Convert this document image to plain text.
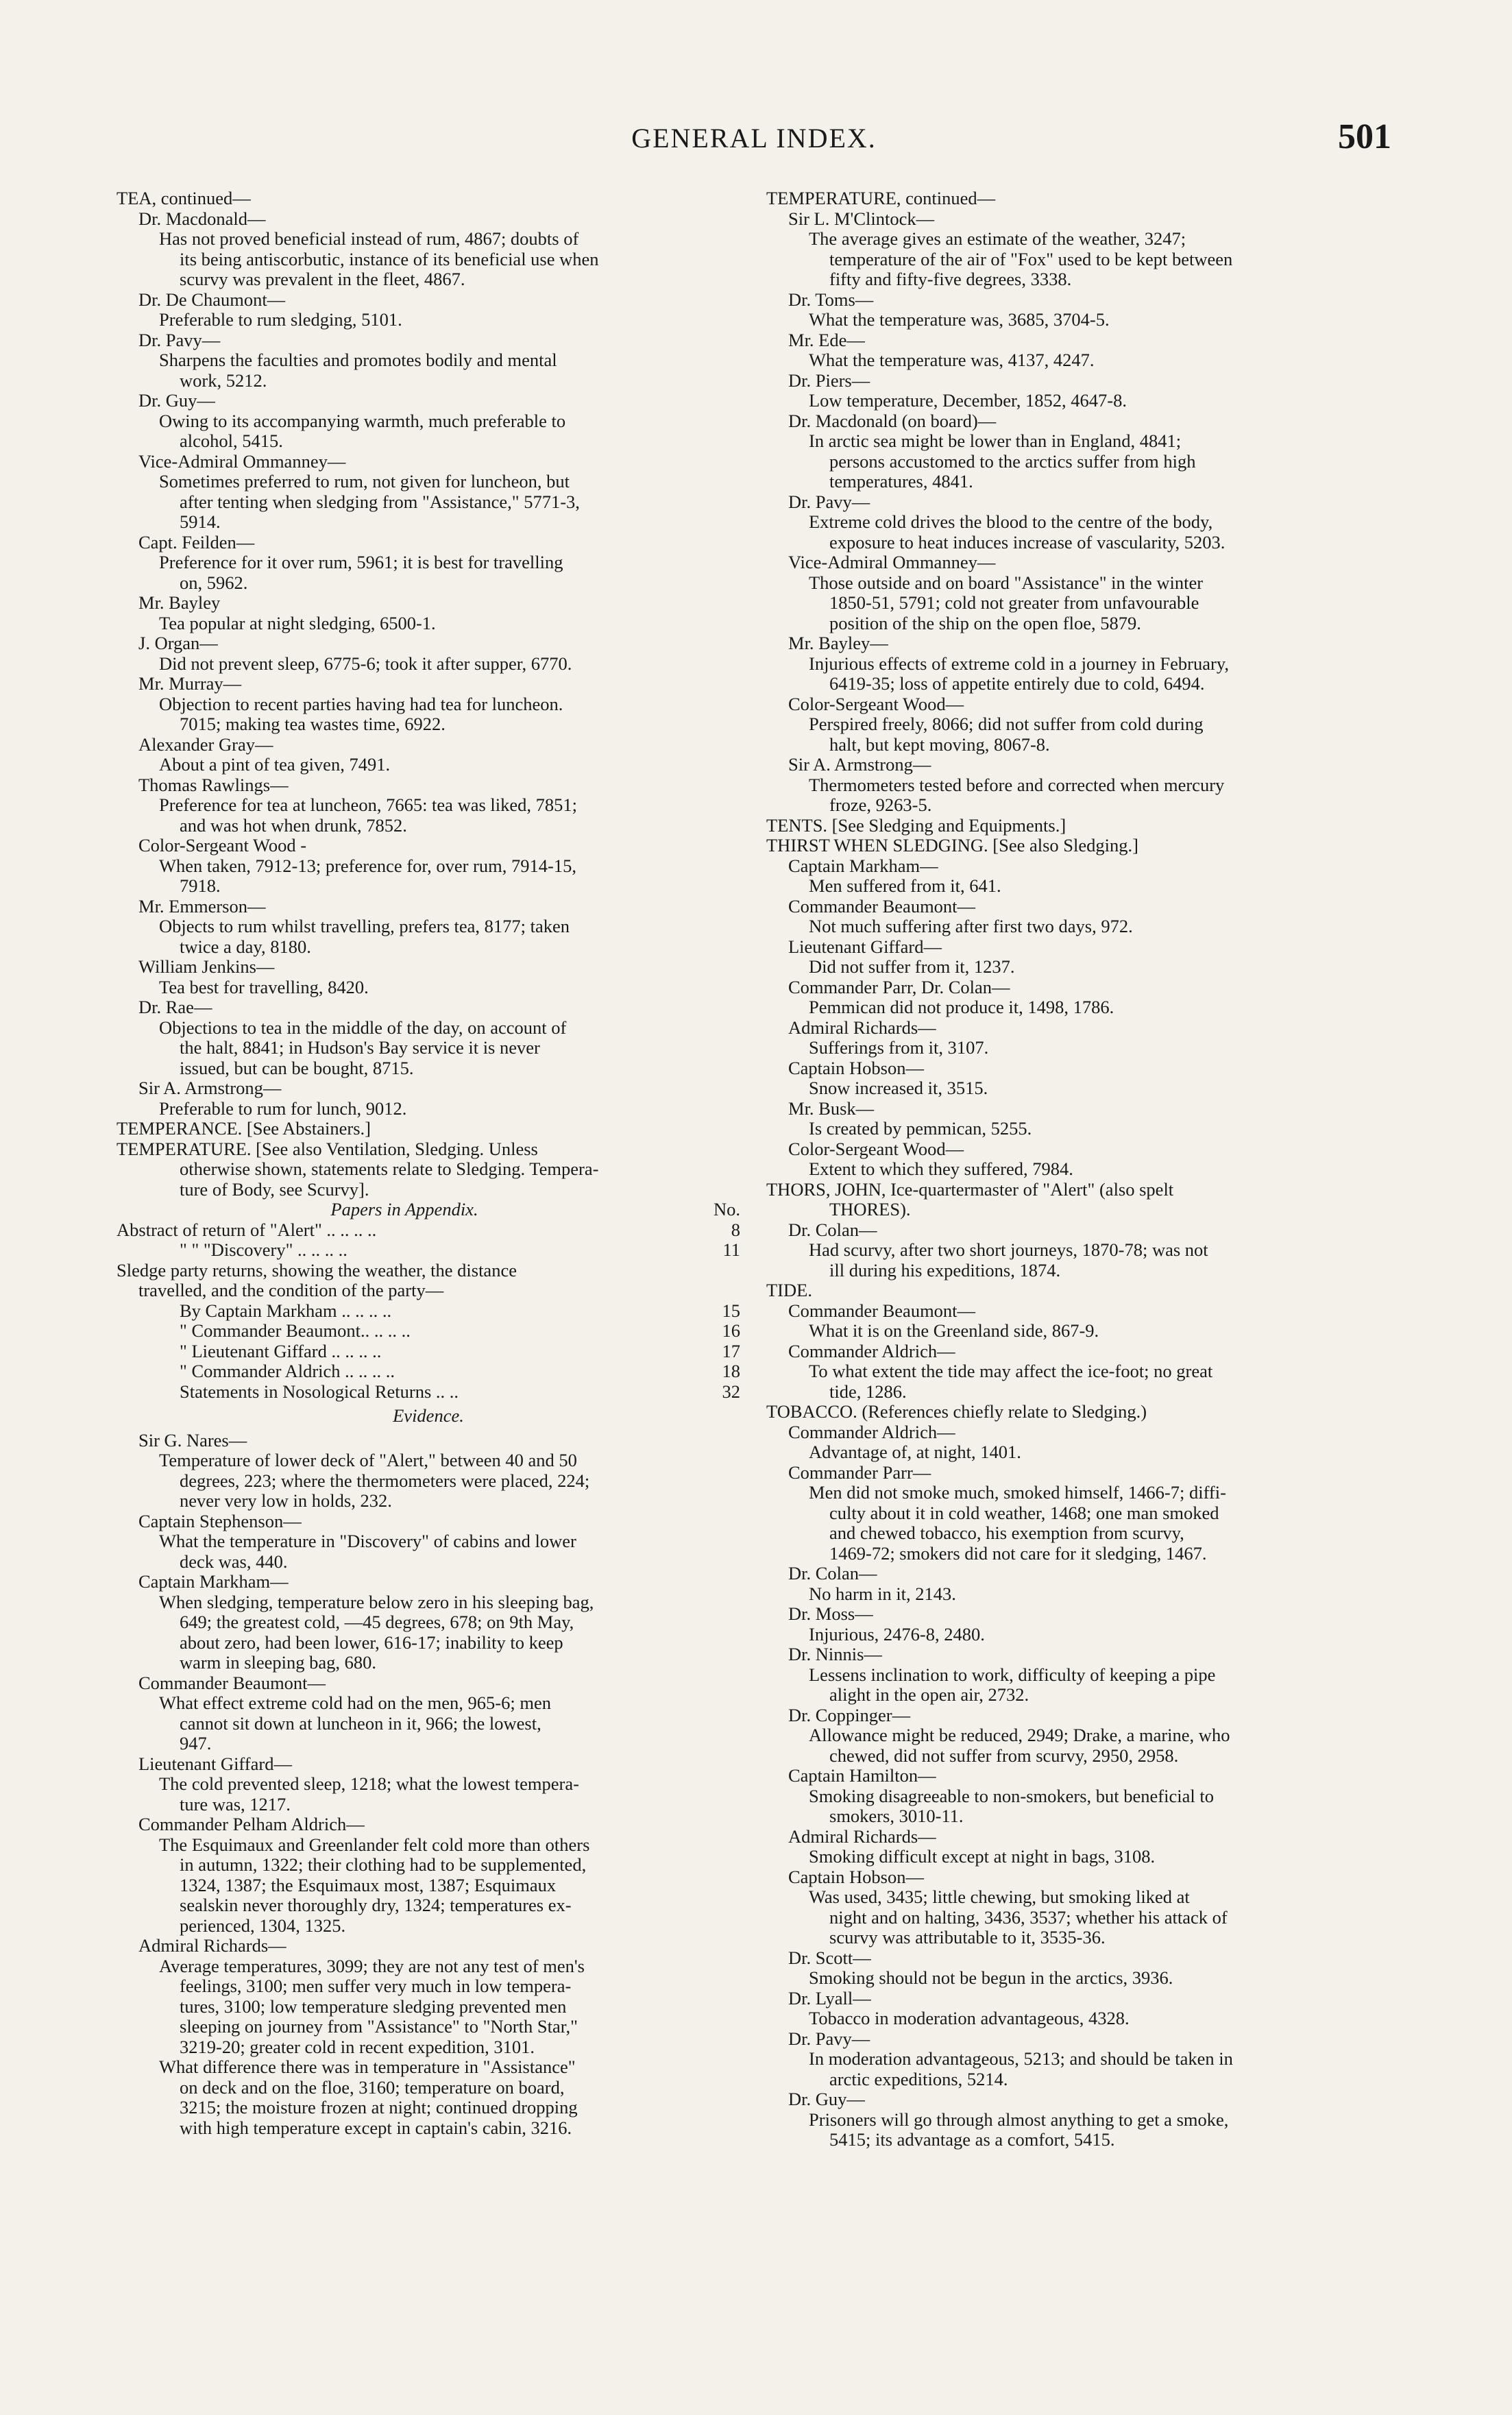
GENERAL INDEX.	501
TEA, continued—
Dr. Macdonald—
Has not proved beneficial instead of rum, 4867; doubts of
its being antiscorbutic, instance of its beneficial use when
scurvy was prevalent in the fleet, 4867.
Dr. De Chaumont—
Preferable to rum sledging, 5101.
Dr. Pavy—
Sharpens the faculties and promotes bodily and mental
work, 5212.
Dr. Guy—
Owing to its accompanying warmth, much preferable to
alcohol, 5415.
Vice-Admiral Ommanney—
Sometimes preferred to rum, not given for luncheon, but
after tenting when sledging from "Assistance," 5771-3,
5914.
Capt. Feilden—
Preference for it over rum, 5961; it is best for travelling
on, 5962.
Mr. Bayley
Tea popular at night sledging, 6500-1.
J. Organ—
Did not prevent sleep, 6775-6; took it after supper, 6770.
Mr. Murray—
Objection to recent parties having had tea for luncheon.
7015; making tea wastes time, 6922.
Alexander Gray—
About a pint of tea given, 7491.
Thomas Rawlings—
Preference for tea at luncheon, 7665: tea was liked, 7851;
and was hot when drunk, 7852.
Color-Sergeant Wood -
When taken, 7912-13; preference for, over rum, 7914-15,
7918.
Mr. Emmerson—
Objects to rum whilst travelling, prefers tea, 8177; taken
twice a day, 8180.
William Jenkins—
Tea best for travelling, 8420.
Dr. Rae—
Objections to tea in the middle of the day, on account of
the halt, 8841; in Hudson's Bay service it is never
issued, but can be bought, 8715.
Sir A. Armstrong—
Preferable to rum for lunch, 9012.
TEMPERANCE. [See Abstainers.]
TEMPERATURE. [See also Ventilation, Sledging. Unless
otherwise shown, statements relate to Sledging. Tempera-
ture of Body, see Scurvy].
Papers in Appendix.	No.
Abstract of return of "Alert" .. .. .. ..	8
" " "Discovery" .. .. .. ..	11
Sledge party returns, showing the weather, the distance
travelled, and the condition of the party—
By Captain Markham .. .. .. ..	15
" Commander Beaumont.. .. .. ..	16
" Lieutenant Giffard .. .. .. ..	17
" Commander Aldrich .. .. .. ..	18
Statements in Nosological Returns .. ..	32
Evidence.
Sir G. Nares—
Temperature of lower deck of "Alert," between 40 and 50
degrees, 223; where the thermometers were placed, 224;
never very low in holds, 232.
Captain Stephenson—
What the temperature in "Discovery" of cabins and lower
deck was, 440.
Captain Markham—
When sledging, temperature below zero in his sleeping bag,
649; the greatest cold, —45 degrees, 678; on 9th May,
about zero, had been lower, 616-17; inability to keep
warm in sleeping bag, 680.
Commander Beaumont—
What effect extreme cold had on the men, 965-6; men
cannot sit down at luncheon in it, 966; the lowest,
947.
Lieutenant Giffard—
The cold prevented sleep, 1218; what the lowest tempera-
ture was, 1217.
Commander Pelham Aldrich—
The Esquimaux and Greenlander felt cold more than others
in autumn, 1322; their clothing had to be supplemented,
1324, 1387; the Esquimaux most, 1387; Esquimaux
sealskin never thoroughly dry, 1324; temperatures ex-
perienced, 1304, 1325.
Admiral Richards—
Average temperatures, 3099; they are not any test of men's
feelings, 3100; men suffer very much in low tempera-
tures, 3100; low temperature sledging prevented men
sleeping on journey from "Assistance" to "North Star,"
3219-20; greater cold in recent expedition, 3101.
What difference there was in temperature in "Assistance"
on deck and on the floe, 3160; temperature on board,
3215; the moisture frozen at night; continued dropping
with high temperature except in captain's cabin, 3216.
TEMPERATURE, continued—
Sir L. M'Clintock—
The average gives an estimate of the weather, 3247;
temperature of the air of "Fox" used to be kept between
fifty and fifty-five degrees, 3338.
Dr. Toms—
What the temperature was, 3685, 3704-5.
Mr. Ede—
What the temperature was, 4137, 4247.
Dr. Piers—
Low temperature, December, 1852, 4647-8.
Dr. Macdonald (on board)—
In arctic sea might be lower than in England, 4841;
persons accustomed to the arctics suffer from high
temperatures, 4841.
Dr. Pavy—
Extreme cold drives the blood to the centre of the body,
exposure to heat induces increase of vascularity, 5203.
Vice-Admiral Ommanney—
Those outside and on board "Assistance" in the winter
1850-51, 5791; cold not greater from unfavourable
position of the ship on the open floe, 5879.
Mr. Bayley—
Injurious effects of extreme cold in a journey in February,
6419-35; loss of appetite entirely due to cold, 6494.
Color-Sergeant Wood—
Perspired freely, 8066; did not suffer from cold during
halt, but kept moving, 8067-8.
Sir A. Armstrong—
Thermometers tested before and corrected when mercury
froze, 9263-5.
TENTS. [See Sledging and Equipments.]
THIRST WHEN SLEDGING. [See also Sledging.]
Captain Markham—
Men suffered from it, 641.
Commander Beaumont—
Not much suffering after first two days, 972.
Lieutenant Giffard—
Did not suffer from it, 1237.
Commander Parr, Dr. Colan—
Pemmican did not produce it, 1498, 1786.
Admiral Richards—
Sufferings from it, 3107.
Captain Hobson—
Snow increased it, 3515.
Mr. Busk—
Is created by pemmican, 5255.
Color-Sergeant Wood—
Extent to which they suffered, 7984.
THORS, JOHN, Ice-quartermaster of "Alert" (also spelt
THORES).
Dr. Colan—
Had scurvy, after two short journeys, 1870-78; was not
ill during his expeditions, 1874.
TIDE.
Commander Beaumont—
What it is on the Greenland side, 867-9.
Commander Aldrich—
To what extent the tide may affect the ice-foot; no great
tide, 1286.
TOBACCO. (References chiefly relate to Sledging.)
Commander Aldrich—
Advantage of, at night, 1401.
Commander Parr—
Men did not smoke much, smoked himself, 1466-7; diffi-
culty about it in cold weather, 1468; one man smoked
and chewed tobacco, his exemption from scurvy,
1469-72; smokers did not care for it sledging, 1467.
Dr. Colan—
No harm in it, 2143.
Dr. Moss—
Injurious, 2476-8, 2480.
Dr. Ninnis—
Lessens inclination to work, difficulty of keeping a pipe
alight in the open air, 2732.
Dr. Coppinger—
Allowance might be reduced, 2949; Drake, a marine, who
chewed, did not suffer from scurvy, 2950, 2958.
Captain Hamilton—
Smoking disagreeable to non-smokers, but beneficial to
smokers, 3010-11.
Admiral Richards—
Smoking difficult except at night in bags, 3108.
Captain Hobson—
Was used, 3435; little chewing, but smoking liked at
night and on halting, 3436, 3537; whether his attack of
scurvy was attributable to it, 3535-36.
Dr. Scott—
Smoking should not be begun in the arctics, 3936.
Dr. Lyall—
Tobacco in moderation advantageous, 4328.
Dr. Pavy—
In moderation advantageous, 5213; and should be taken in
arctic expeditions, 5214.
Dr. Guy—
Prisoners will go through almost anything to get a smoke,
5415; its advantage as a comfort, 5415.
